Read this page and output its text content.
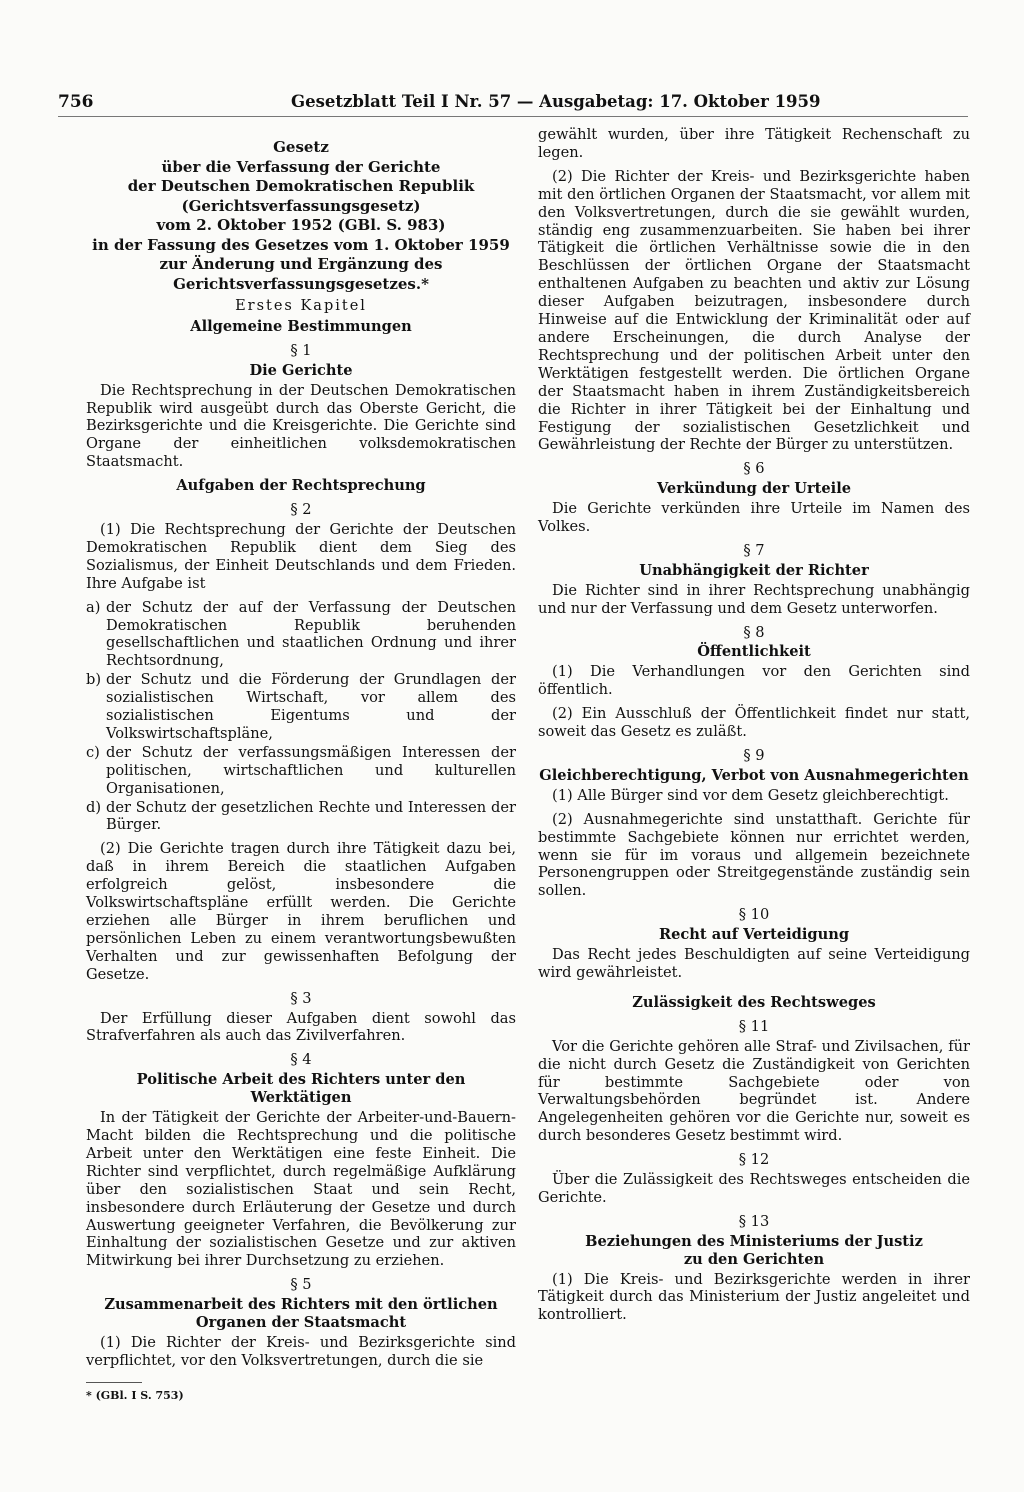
756	Gesetzblatt Teil I Nr. 57 — Ausgabetag: 17. Oktober 1959
Gesetz
über die Verfassung der Gerichte
der Deutschen Demokratischen Republik
(Gerichtsverfassungsgesetz)
vom 2. Oktober 1952 (GBl. S. 983)
in der Fassung des Gesetzes vom 1. Oktober 1959
zur Änderung und Ergänzung des
Gerichtsverfassungsgesetzes.*
Erstes Kapitel
Allgemeine Bestimmungen
§ 1
Die Gerichte
Die Rechtsprechung in der Deutschen Demokratischen Republik wird ausgeübt durch das Oberste Gericht, die Bezirksgerichte und die Kreisgerichte. Die Gerichte sind Organe der einheitlichen volksdemokratischen Staatsmacht.
Aufgaben der Rechtsprechung
§ 2
(1) Die Rechtsprechung der Gerichte der Deutschen Demokratischen Republik dient dem Sieg des Sozialismus, der Einheit Deutschlands und dem Frieden. Ihre Aufgabe ist
a) der Schutz der auf der Verfassung der Deutschen Demokratischen Republik beruhenden gesellschaftlichen und staatlichen Ordnung und ihrer Rechtsordnung,
b) der Schutz und die Förderung der Grundlagen der sozialistischen Wirtschaft, vor allem des sozialistischen Eigentums und der Volkswirtschaftspläne,
c) der Schutz der verfassungsmäßigen Interessen der politischen, wirtschaftlichen und kulturellen Organisationen,
d) der Schutz der gesetzlichen Rechte und Interessen der Bürger.
(2) Die Gerichte tragen durch ihre Tätigkeit dazu bei, daß in ihrem Bereich die staatlichen Aufgaben erfolgreich gelöst, insbesondere die Volkswirtschaftspläne erfüllt werden. Die Gerichte erziehen alle Bürger in ihrem beruflichen und persönlichen Leben zu einem verantwortungsbewußten Verhalten und zur gewissenhaften Befolgung der Gesetze.
§ 3
Der Erfüllung dieser Aufgaben dient sowohl das Strafverfahren als auch das Zivilverfahren.
§ 4
Politische Arbeit des Richters unter den Werktätigen
In der Tätigkeit der Gerichte der Arbeiter-und-Bauern-Macht bilden die Rechtsprechung und die politische Arbeit unter den Werktätigen eine feste Einheit. Die Richter sind verpflichtet, durch regelmäßige Aufklärung über den sozialistischen Staat und sein Recht, insbesondere durch Erläuterung der Gesetze und durch Auswertung geeigneter Verfahren, die Bevölkerung zur Einhaltung der sozialistischen Gesetze und zur aktiven Mitwirkung bei ihrer Durchsetzung zu erziehen.
§ 5
Zusammenarbeit des Richters mit den örtlichen
Organen der Staatsmacht
(1) Die Richter der Kreis- und Bezirksgerichte sind verpflichtet, vor den Volksvertretungen, durch die sie
* (GBl. I S. 753)
gewählt wurden, über ihre Tätigkeit Rechenschaft zu legen.
(2) Die Richter der Kreis- und Bezirksgerichte haben mit den örtlichen Organen der Staatsmacht, vor allem mit den Volksvertretungen, durch die sie gewählt wurden, ständig eng zusammenzuarbeiten. Sie haben bei ihrer Tätigkeit die örtlichen Verhältnisse sowie die in den Beschlüssen der örtlichen Organe der Staatsmacht enthaltenen Aufgaben zu beachten und aktiv zur Lösung dieser Aufgaben beizutragen, insbesondere durch Hinweise auf die Entwicklung der Kriminalität oder auf andere Erscheinungen, die durch Analyse der Rechtsprechung und der politischen Arbeit unter den Werktätigen festgestellt werden. Die örtlichen Organe der Staatsmacht haben in ihrem Zuständigkeitsbereich die Richter in ihrer Tätigkeit bei der Einhaltung und Festigung der sozialistischen Gesetzlichkeit und Gewährleistung der Rechte der Bürger zu unterstützen.
§ 6
Verkündung der Urteile
Die Gerichte verkünden ihre Urteile im Namen des Volkes.
§ 7
Unabhängigkeit der Richter
Die Richter sind in ihrer Rechtsprechung unabhängig und nur der Verfassung und dem Gesetz unterworfen.
§ 8
Öffentlichkeit
(1) Die Verhandlungen vor den Gerichten sind öffentlich.
(2) Ein Ausschluß der Öffentlichkeit findet nur statt, soweit das Gesetz es zuläßt.
§ 9
Gleichberechtigung, Verbot von Ausnahmegerichten
(1) Alle Bürger sind vor dem Gesetz gleichberechtigt.
(2) Ausnahmegerichte sind unstatthaft. Gerichte für bestimmte Sachgebiete können nur errichtet werden, wenn sie für im voraus und allgemein bezeichnete Personengruppen oder Streitgegenstände zuständig sein sollen.
§ 10
Recht auf Verteidigung
Das Recht jedes Beschuldigten auf seine Verteidigung wird gewährleistet.
Zulässigkeit des Rechtsweges
§ 11
Vor die Gerichte gehören alle Straf- und Zivilsachen, für die nicht durch Gesetz die Zuständigkeit von Gerichten für bestimmte Sachgebiete oder von Verwaltungsbehörden begründet ist. Andere Angelegenheiten gehören vor die Gerichte nur, soweit es durch besonderes Gesetz bestimmt wird.
§ 12
Über die Zulässigkeit des Rechtsweges entscheiden die Gerichte.
§ 13
Beziehungen des Ministeriums der Justiz
zu den Gerichten
(1) Die Kreis- und Bezirksgerichte werden in ihrer Tätigkeit durch das Ministerium der Justiz angeleitet und kontrolliert.
